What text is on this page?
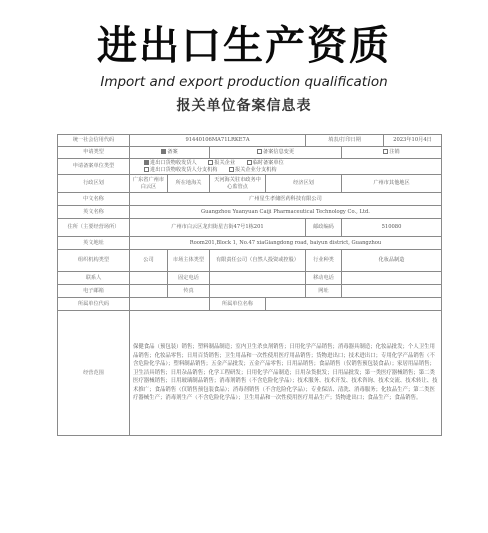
进出口生产资质
Import and export production qualification
报关单位备案信息表
统一社会信用代码	91440106MA71LRKE7A				填表/打印日期		2023年10月4日
申请类型	备案		备案信息变更			注销	
申请备案单位类型	进出口货物收发货人 报关企业 临时备案单位
进出口货物收发货人分支机构 报关企业分支机构						
行政区划	广东省广州市白云区	所在地海关	天河海关驻市政务中心监管点	经济区划		广州市其他地区	
中文名称	广州星生孝储医药科技有限公司						
英文名称	Guangzhou Yuanyuan Caiji Pharmaceutical Technology Co., Ltd.						
住所（主要经营场所）	广州市白云区龙归街星吉街47号1栋201				邮政编码	510080	
英文地址	Room201,Block 1, No.47 xiaGiangdong road, baiyun district, Guangzhou						
组织机构类型	公司	市场主体类型	有限责任公司（自然人投资或控股）		行业种类	化妆品制造	
联系人		固定电话			移动电话		
电子邮箱		传真			网址		
所属单位代码			所属单位名称				
经营范围	保健食品（预包装）销售；塑料制品制造；室内卫生杀虫剂销售；日用化学产品销售；消毒器具制造；化妆品批发；个人卫生用品销售；化妆品零售；日用百货销售；卫生用品和一次性使用医疗用品销售；货物进出口；技术进出口；专用化学产品销售（不含危险化学品）；塑料制品销售；五金产品批发；五金产品零售；日用品销售；食品销售（仅销售预包装食品）；家居用品销售；卫生洁具销售；日用杂品销售；化学工程研发；日用化学产品制造；日用杂货批发；日用品批发；第一类医疗器械销售；第二类医疗器械销售；日用玻璃制品销售；消毒剂销售（不含危险化学品）；技术服务、技术开发、技术咨询、技术交流、技术转让、技术推广；食品销售（仅销售预包装食品）；消毒剂销售（不含危险化学品）；专业保洁、清洗、消毒服务；化妆品生产；第二类医疗器械生产；消毒剂生产（不含危险化学品）；卫生用品和一次性使用医疗用品生产；货物进出口；食品生产；食品销售。						
